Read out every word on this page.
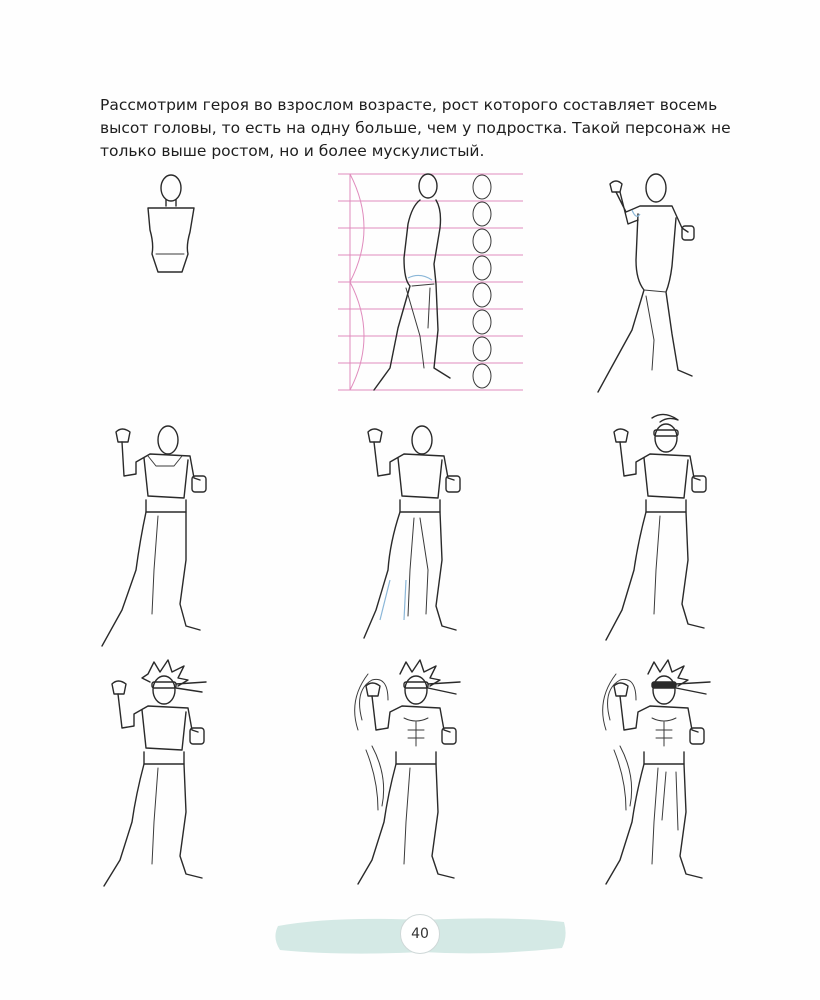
Рассмотрим героя во взрослом возрасте, рост которого составляет восемь высот головы, то есть на одну больше, чем у подростка. Такой персонаж не только выше ростом, но и более мускулистый.

40
